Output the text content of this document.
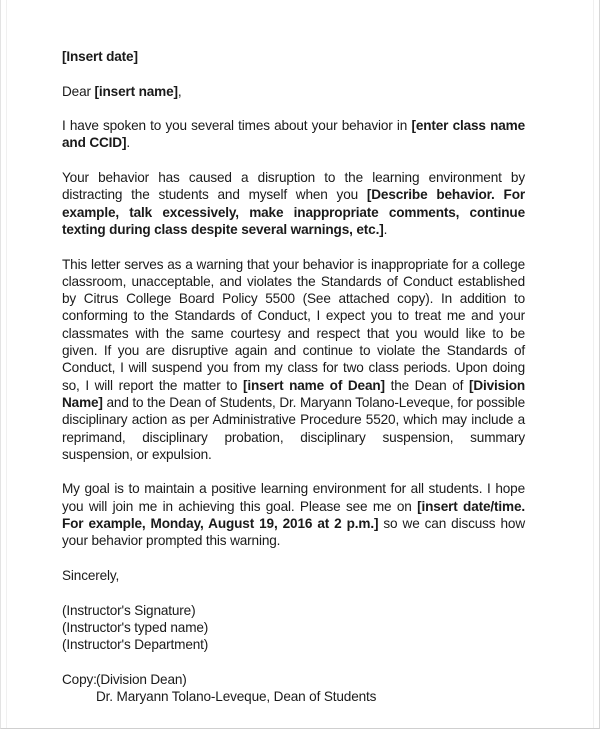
[Insert date]

Dear [insert name],

I have spoken to you several times about your behavior in [enter class name and CCID].

Your behavior has caused a disruption to the learning environment by distracting the students and myself when you [Describe behavior. For example, talk excessively, make inappropriate comments, continue texting during class despite several warnings, etc.].

This letter serves as a warning that your behavior is inappropriate for a college classroom, unacceptable, and violates the Standards of Conduct established by Citrus College Board Policy 5500 (See attached copy). In addition to conforming to the Standards of Conduct, I expect you to treat me and your classmates with the same courtesy and respect that you would like to be given. If you are disruptive again and continue to violate the Standards of Conduct, I will suspend you from my class for two class periods. Upon doing so, I will report the matter to [insert name of Dean] the Dean of [Division Name] and to the Dean of Students, Dr. Maryann Tolano-Leveque, for possible disciplinary action as per Administrative Procedure 5520, which may include a reprimand, disciplinary probation, disciplinary suspension, summary suspension, or expulsion.

My goal is to maintain a positive learning environment for all students. I hope you will join me in achieving this goal. Please see me on [insert date/time. For example, Monday, August 19, 2016 at 2 p.m.] so we can discuss how your behavior prompted this warning.

Sincerely,

(Instructor's Signature)

(Instructor's typed name)

(Instructor's Department)

Copy: (Division Dean)

Dr. Maryann Tolano-Leveque, Dean of Students
